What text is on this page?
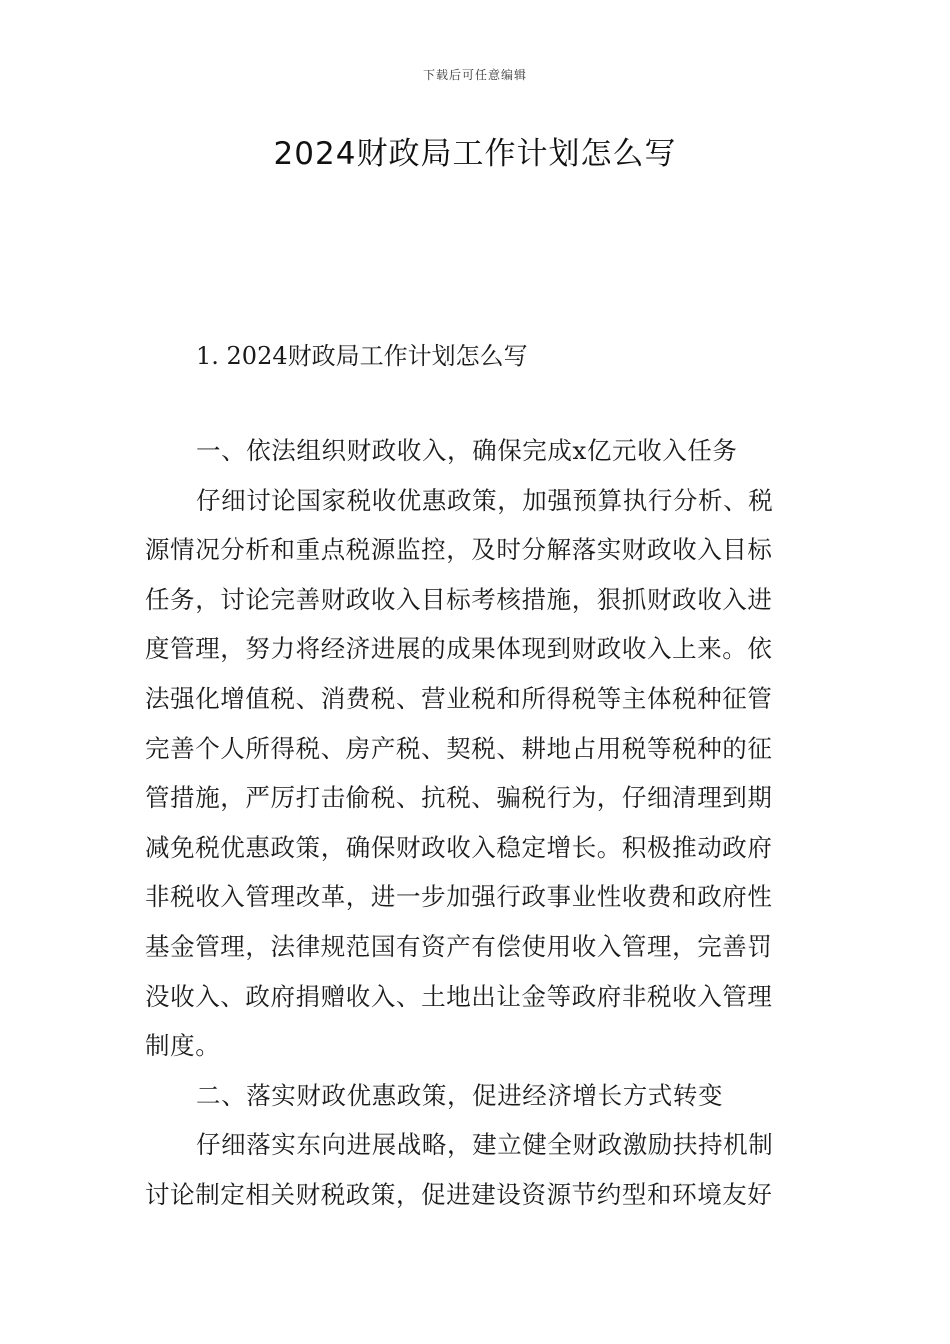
下载后可任意编辑
2024财政局工作计划怎么写
1. 2024财政局工作计划怎么写
一、依法组织财政收入，确保完成x亿元收入任务
仔细讨论国家税收优惠政策，加强预算执行分析、税
源情况分析和重点税源监控，及时分解落实财政收入目标
任务，讨论完善财政收入目标考核措施，狠抓财政收入进
度管理，努力将经济进展的成果体现到财政收入上来。依
法强化增值税、消费税、营业税和所得税等主体税种征管
完善个人所得税、房产税、契税、耕地占用税等税种的征
管措施，严厉打击偷税、抗税、骗税行为，仔细清理到期
减免税优惠政策，确保财政收入稳定增长。积极推动政府
非税收入管理改革，进一步加强行政事业性收费和政府性
基金管理，法律规范国有资产有偿使用收入管理，完善罚
没收入、政府捐赠收入、土地出让金等政府非税收入管理
制度。
二、落实财政优惠政策，促进经济增长方式转变
仔细落实东向进展战略，建立健全财政激励扶持机制
讨论制定相关财税政策，促进建设资源节约型和环境友好
